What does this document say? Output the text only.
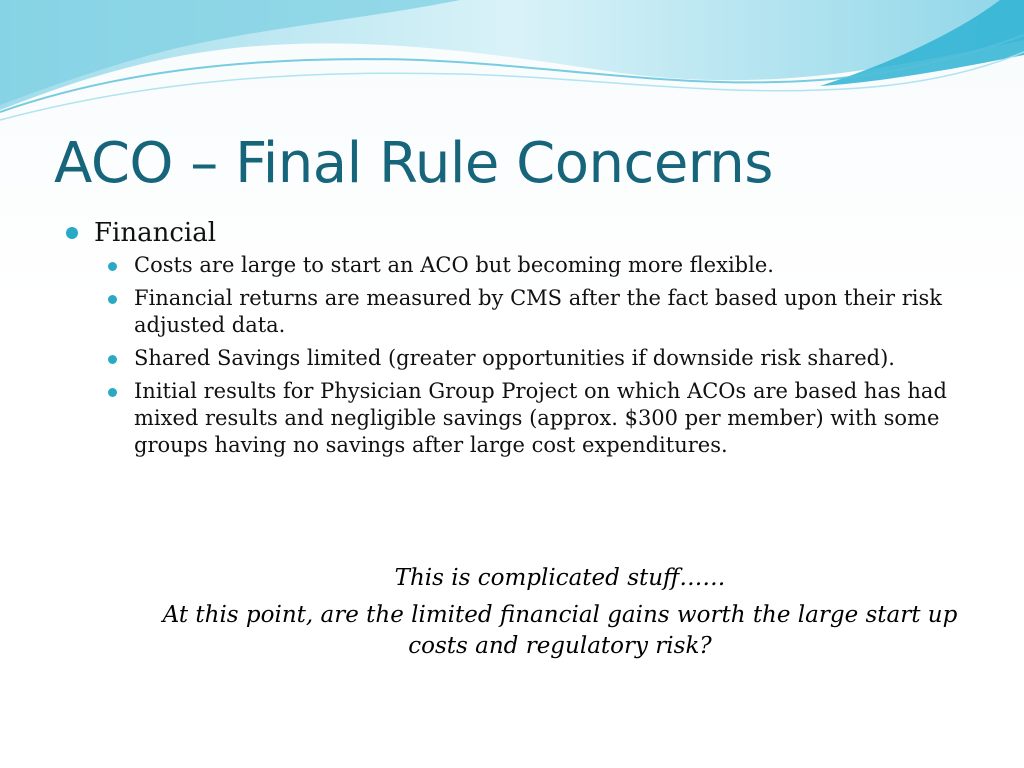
ACO – Final Rule Concerns
Financial
Costs are large to start an ACO but becoming more flexible.
Financial returns are measured by CMS after the fact based upon their risk adjusted data.
Shared Savings limited (greater opportunities if downside risk shared).
Initial results for Physician Group Project on which ACOs are based has had mixed results and negligible savings (approx. $300 per member) with some groups having no savings after large cost expenditures.

This is complicated stuff……

At this point, are the limited financial gains worth the large start up costs and regulatory risk?
